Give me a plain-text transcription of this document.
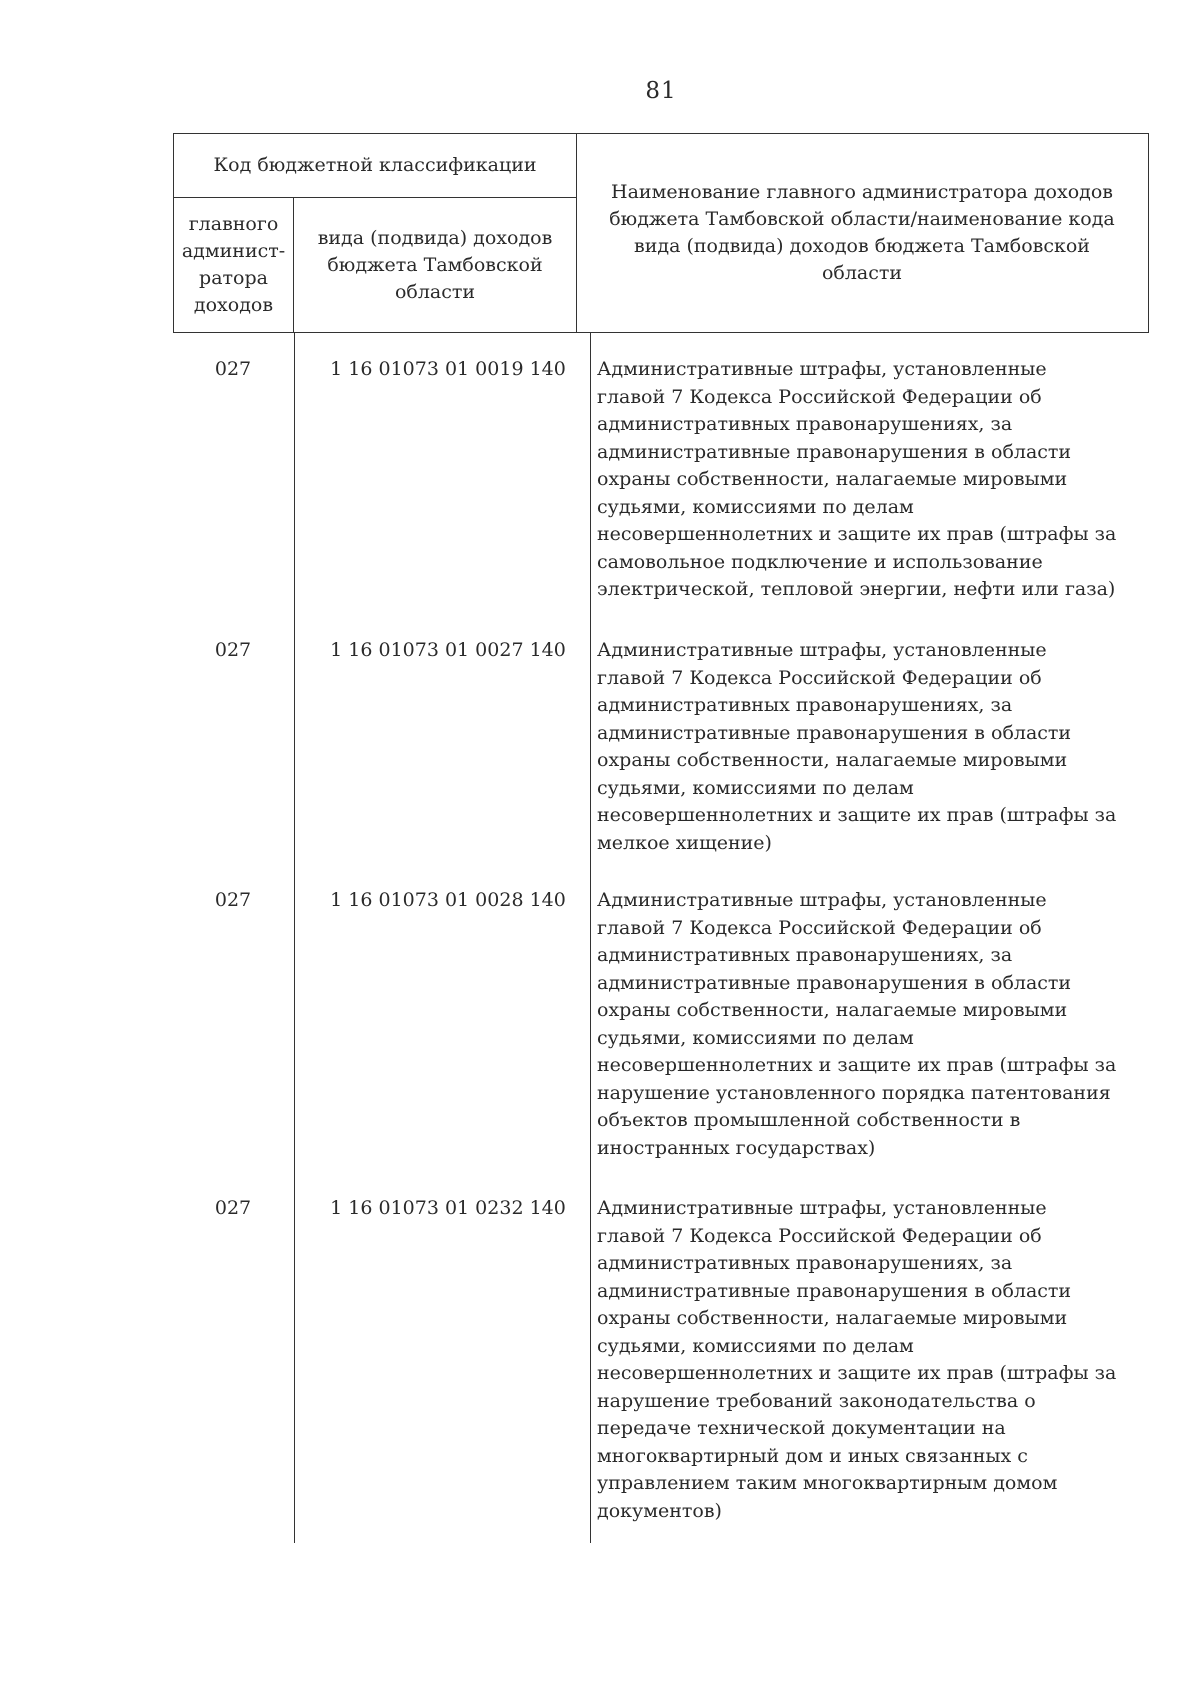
81
Код бюджетной классификации
главного админист-ратора доходов
вида (подвида) доходов бюджета Тамбовской области
Наименование главного администратора доходов бюджета Тамбовской области/наименование кода вида (подвида) доходов бюджета Тамбовской области
027	1 16 01073 01 0019 140	Административные штрафы, установленные
главой 7 Кодекса Российской Федерации об
административных правонарушениях, за
административные правонарушения в области
охраны собственности, налагаемые мировыми
судьями, комиссиями по делам
несовершеннолетних и защите их прав (штрафы за
самовольное подключение и использование
электрической, тепловой энергии, нефти или газа)
027	1 16 01073 01 0027 140	Административные штрафы, установленные
главой 7 Кодекса Российской Федерации об
административных правонарушениях, за
административные правонарушения в области
охраны собственности, налагаемые мировыми
судьями, комиссиями по делам
несовершеннолетних и защите их прав (штрафы за
мелкое хищение)
027	1 16 01073 01 0028 140	Административные штрафы, установленные
главой 7 Кодекса Российской Федерации об
административных правонарушениях, за
административные правонарушения в области
охраны собственности, налагаемые мировыми
судьями, комиссиями по делам
несовершеннолетних и защите их прав (штрафы за
нарушение установленного порядка патентования
объектов промышленной собственности в
иностранных государствах)
027	1 16 01073 01 0232 140	Административные штрафы, установленные
главой 7 Кодекса Российской Федерации об
административных правонарушениях, за
административные правонарушения в области
охраны собственности, налагаемые мировыми
судьями, комиссиями по делам
несовершеннолетних и защите их прав (штрафы за
нарушение требований законодательства о
передаче технической документации на
многоквартирный дом и иных связанных с
управлением таким многоквартирным домом
документов)
